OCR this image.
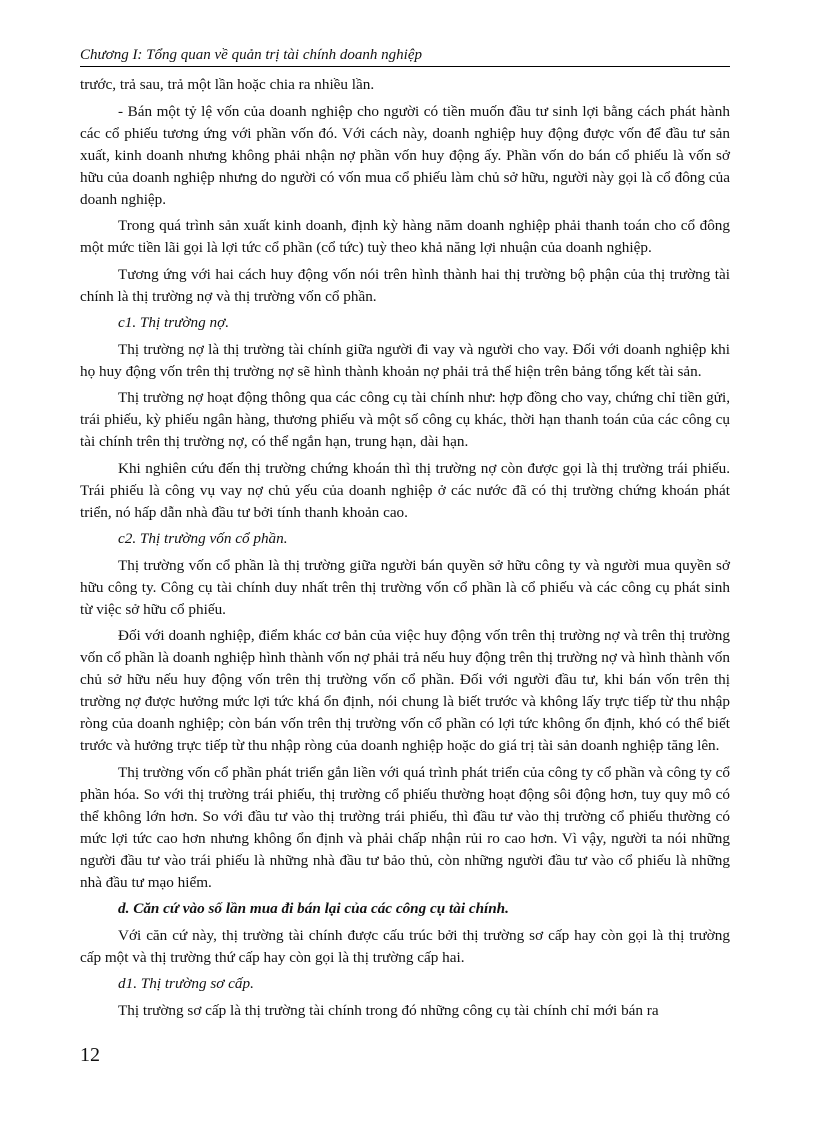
Chương I: Tổng quan về quản trị tài chính doanh nghiệp

trước, trả sau, trả một lần hoặc chia ra nhiều lần.

- Bán một tỷ lệ vốn của doanh nghiệp cho người có tiền muốn đầu tư sinh lợi bằng cách phát hành các cổ phiếu tương ứng với phần vốn đó. Với cách này, doanh nghiệp huy động được vốn để đầu tư sản xuất, kinh doanh nhưng không phải nhận nợ phần vốn huy động ấy. Phần vốn do bán cổ phiếu là vốn sở hữu của doanh nghiệp nhưng do người có vốn mua cổ phiếu làm chủ sở hữu, người này gọi là cổ đông của doanh nghiệp.

Trong quá trình sản xuất kinh doanh, định kỳ hàng năm doanh nghiệp phải thanh toán cho cổ đông một mức tiền lãi gọi là lợi tức cổ phần (cổ tức) tuỳ theo khả năng lợi nhuận của doanh nghiệp.

Tương ứng với hai cách huy động vốn nói trên hình thành hai thị trường bộ phận của thị trường tài chính là thị trường nợ và thị trường vốn cổ phần.

c1. Thị trường nợ.

Thị trường nợ là thị trường tài chính giữa người đi vay và người cho vay. Đối với doanh nghiệp khi họ huy động vốn trên thị trường nợ sẽ hình thành khoản nợ phải trả thể hiện trên bảng tổng kết tài sản.

Thị trường nợ hoạt động thông qua các công cụ tài chính như: hợp đồng cho vay, chứng chỉ tiền gửi, trái phiếu, kỳ phiếu ngân hàng, thương phiếu và một số công cụ khác, thời hạn thanh toán của các công cụ tài chính trên thị trường nợ, có thể ngắn hạn, trung hạn, dài hạn.

Khi nghiên cứu đến thị trường chứng khoán thì thị trường nợ còn được gọi là thị trường trái phiếu. Trái phiếu là công vụ vay nợ chủ yếu của doanh nghiệp ở các nước đã có thị trường chứng khoán phát triển, nó hấp dẫn nhà đầu tư bởi tính thanh khoản cao.

c2. Thị trường vốn cổ phần.

Thị trường vốn cổ phần là thị trường giữa người bán quyền sở hữu công ty và người mua quyền sở hữu công ty. Công cụ tài chính duy nhất trên thị trường vốn cổ phần là cổ phiếu và các công cụ phát sinh từ việc sở hữu cổ phiếu.

Đối với doanh nghiệp, điểm khác cơ bản của việc huy động vốn trên thị trường nợ và trên thị trường vốn cổ phần là doanh nghiệp hình thành vốn nợ phải trả nếu huy động trên thị trường nợ và hình thành vốn chủ sở hữu nếu huy động vốn trên thị trường vốn cổ phần. Đối với người đầu tư, khi bán vốn trên thị trường nợ được hưởng mức lợi tức khá ổn định, nói chung là biết trước và không lấy trực tiếp từ thu nhập ròng của doanh nghiệp; còn bán vốn trên thị trường vốn cổ phần có lợi tức không ổn định, khó có thể biết trước và hưởng trực tiếp từ thu nhập ròng của doanh nghiệp hoặc do giá trị tài sản doanh nghiệp tăng lên.

Thị trường vốn cổ phần phát triển gắn liền với quá trình phát triển của công ty cổ phần và công ty cổ phần hóa. So với thị trường trái phiếu, thị trường cổ phiếu thường hoạt động sôi động hơn, tuy quy mô có thể không lớn hơn. So với đầu tư vào thị trường trái phiếu, thì đầu tư vào thị trường cổ phiếu thường có mức lợi tức cao hơn nhưng không ổn định và phải chấp nhận rủi ro cao hơn. Vì vậy, người ta nói những người đầu tư vào trái phiếu là những nhà đầu tư bảo thủ, còn những người đầu tư vào cổ phiếu là những nhà đầu tư mạo hiểm.

d. Căn cứ vào số lần mua đi bán lại của các công cụ tài chính.

Với căn cứ này, thị trường tài chính được cấu trúc bởi thị trường sơ cấp hay còn gọi là thị trường cấp một và thị trường thứ cấp hay còn gọi là thị trường cấp hai.

d1. Thị trường sơ cấp.

Thị trường sơ cấp là thị trường tài chính trong đó những công cụ tài chính chỉ mới bán ra

12
